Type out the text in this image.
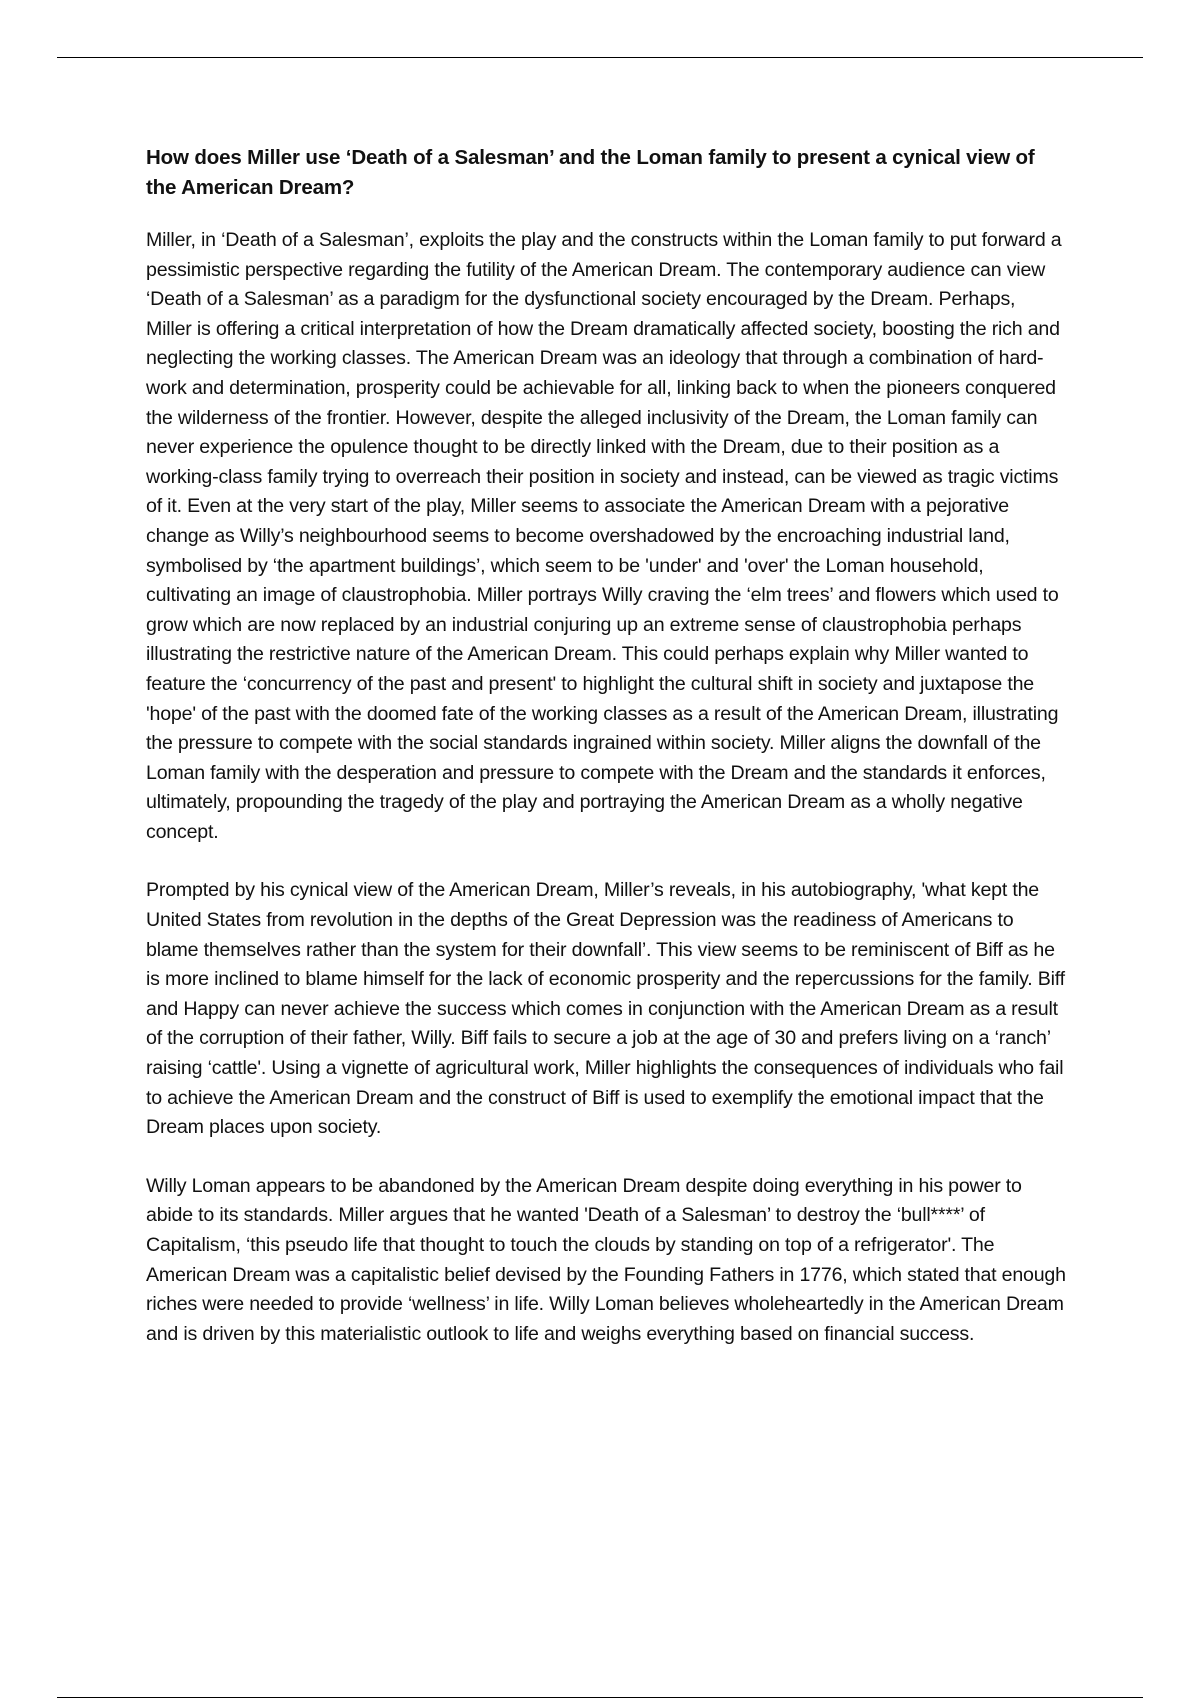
How does Miller use ‘Death of a Salesman’ and the Loman family to present a cynical view of the American Dream?

Miller, in ‘Death of a Salesman’, exploits the play and the constructs within the Loman family to put forward a pessimistic perspective regarding the futility of the American Dream. The contemporary audience can view ‘Death of a Salesman’ as a paradigm for the dysfunctional society encouraged by the Dream. Perhaps, Miller is offering a critical interpretation of how the Dream dramatically affected society, boosting the rich and neglecting the working classes. The American Dream was an ideology that through a combination of hard-work and determination, prosperity could be achievable for all, linking back to when the pioneers conquered the wilderness of the frontier. However, despite the alleged inclusivity of the Dream, the Loman family can never experience the opulence thought to be directly linked with the Dream, due to their position as a working-class family trying to overreach their position in society and instead, can be viewed as tragic victims of it. Even at the very start of the play, Miller seems to associate the American Dream with a pejorative change as Willy’s neighbourhood seems to become overshadowed by the encroaching industrial land, symbolised by ‘the apartment buildings’, which seem to be 'under' and 'over' the Loman household, cultivating an image of claustrophobia. Miller portrays Willy craving the ‘elm trees’ and flowers which used to grow which are now replaced by an industrial conjuring up an extreme sense of claustrophobia perhaps illustrating the restrictive nature of the American Dream. This could perhaps explain why Miller wanted to feature the ‘concurrency of the past and present' to highlight the cultural shift in society and juxtapose the 'hope' of the past with the doomed fate of the working classes as a result of the American Dream, illustrating the pressure to compete with the social standards ingrained within society. Miller aligns the downfall of the Loman family with the desperation and pressure to compete with the Dream and the standards it enforces, ultimately, propounding the tragedy of the play and portraying the American Dream as a wholly negative concept.

Prompted by his cynical view of the American Dream, Miller’s reveals, in his autobiography, 'what kept the United States from revolution in the depths of the Great Depression was the readiness of Americans to blame themselves rather than the system for their downfall’. This view seems to be reminiscent of Biff as he is more inclined to blame himself for the lack of economic prosperity and the repercussions for the family. Biff and Happy can never achieve the success which comes in conjunction with the American Dream as a result of the corruption of their father, Willy. Biff fails to secure a job at the age of 30 and prefers living on a ‘ranch’ raising ‘cattle'. Using a vignette of agricultural work, Miller highlights the consequences of individuals who fail to achieve the American Dream and the construct of Biff is used to exemplify the emotional impact that the Dream places upon society.

Willy Loman appears to be abandoned by the American Dream despite doing everything in his power to abide to its standards. Miller argues that he wanted 'Death of a Salesman’ to destroy the ‘bull****’ of Capitalism, ‘this pseudo life that thought to touch the clouds by standing on top of a refrigerator'. The American Dream was a capitalistic belief devised by the Founding Fathers in 1776, which stated that enough riches were needed to provide ‘wellness’ in life. Willy Loman believes wholeheartedly in the American Dream and is driven by this materialistic outlook to life and weighs everything based on financial success.
